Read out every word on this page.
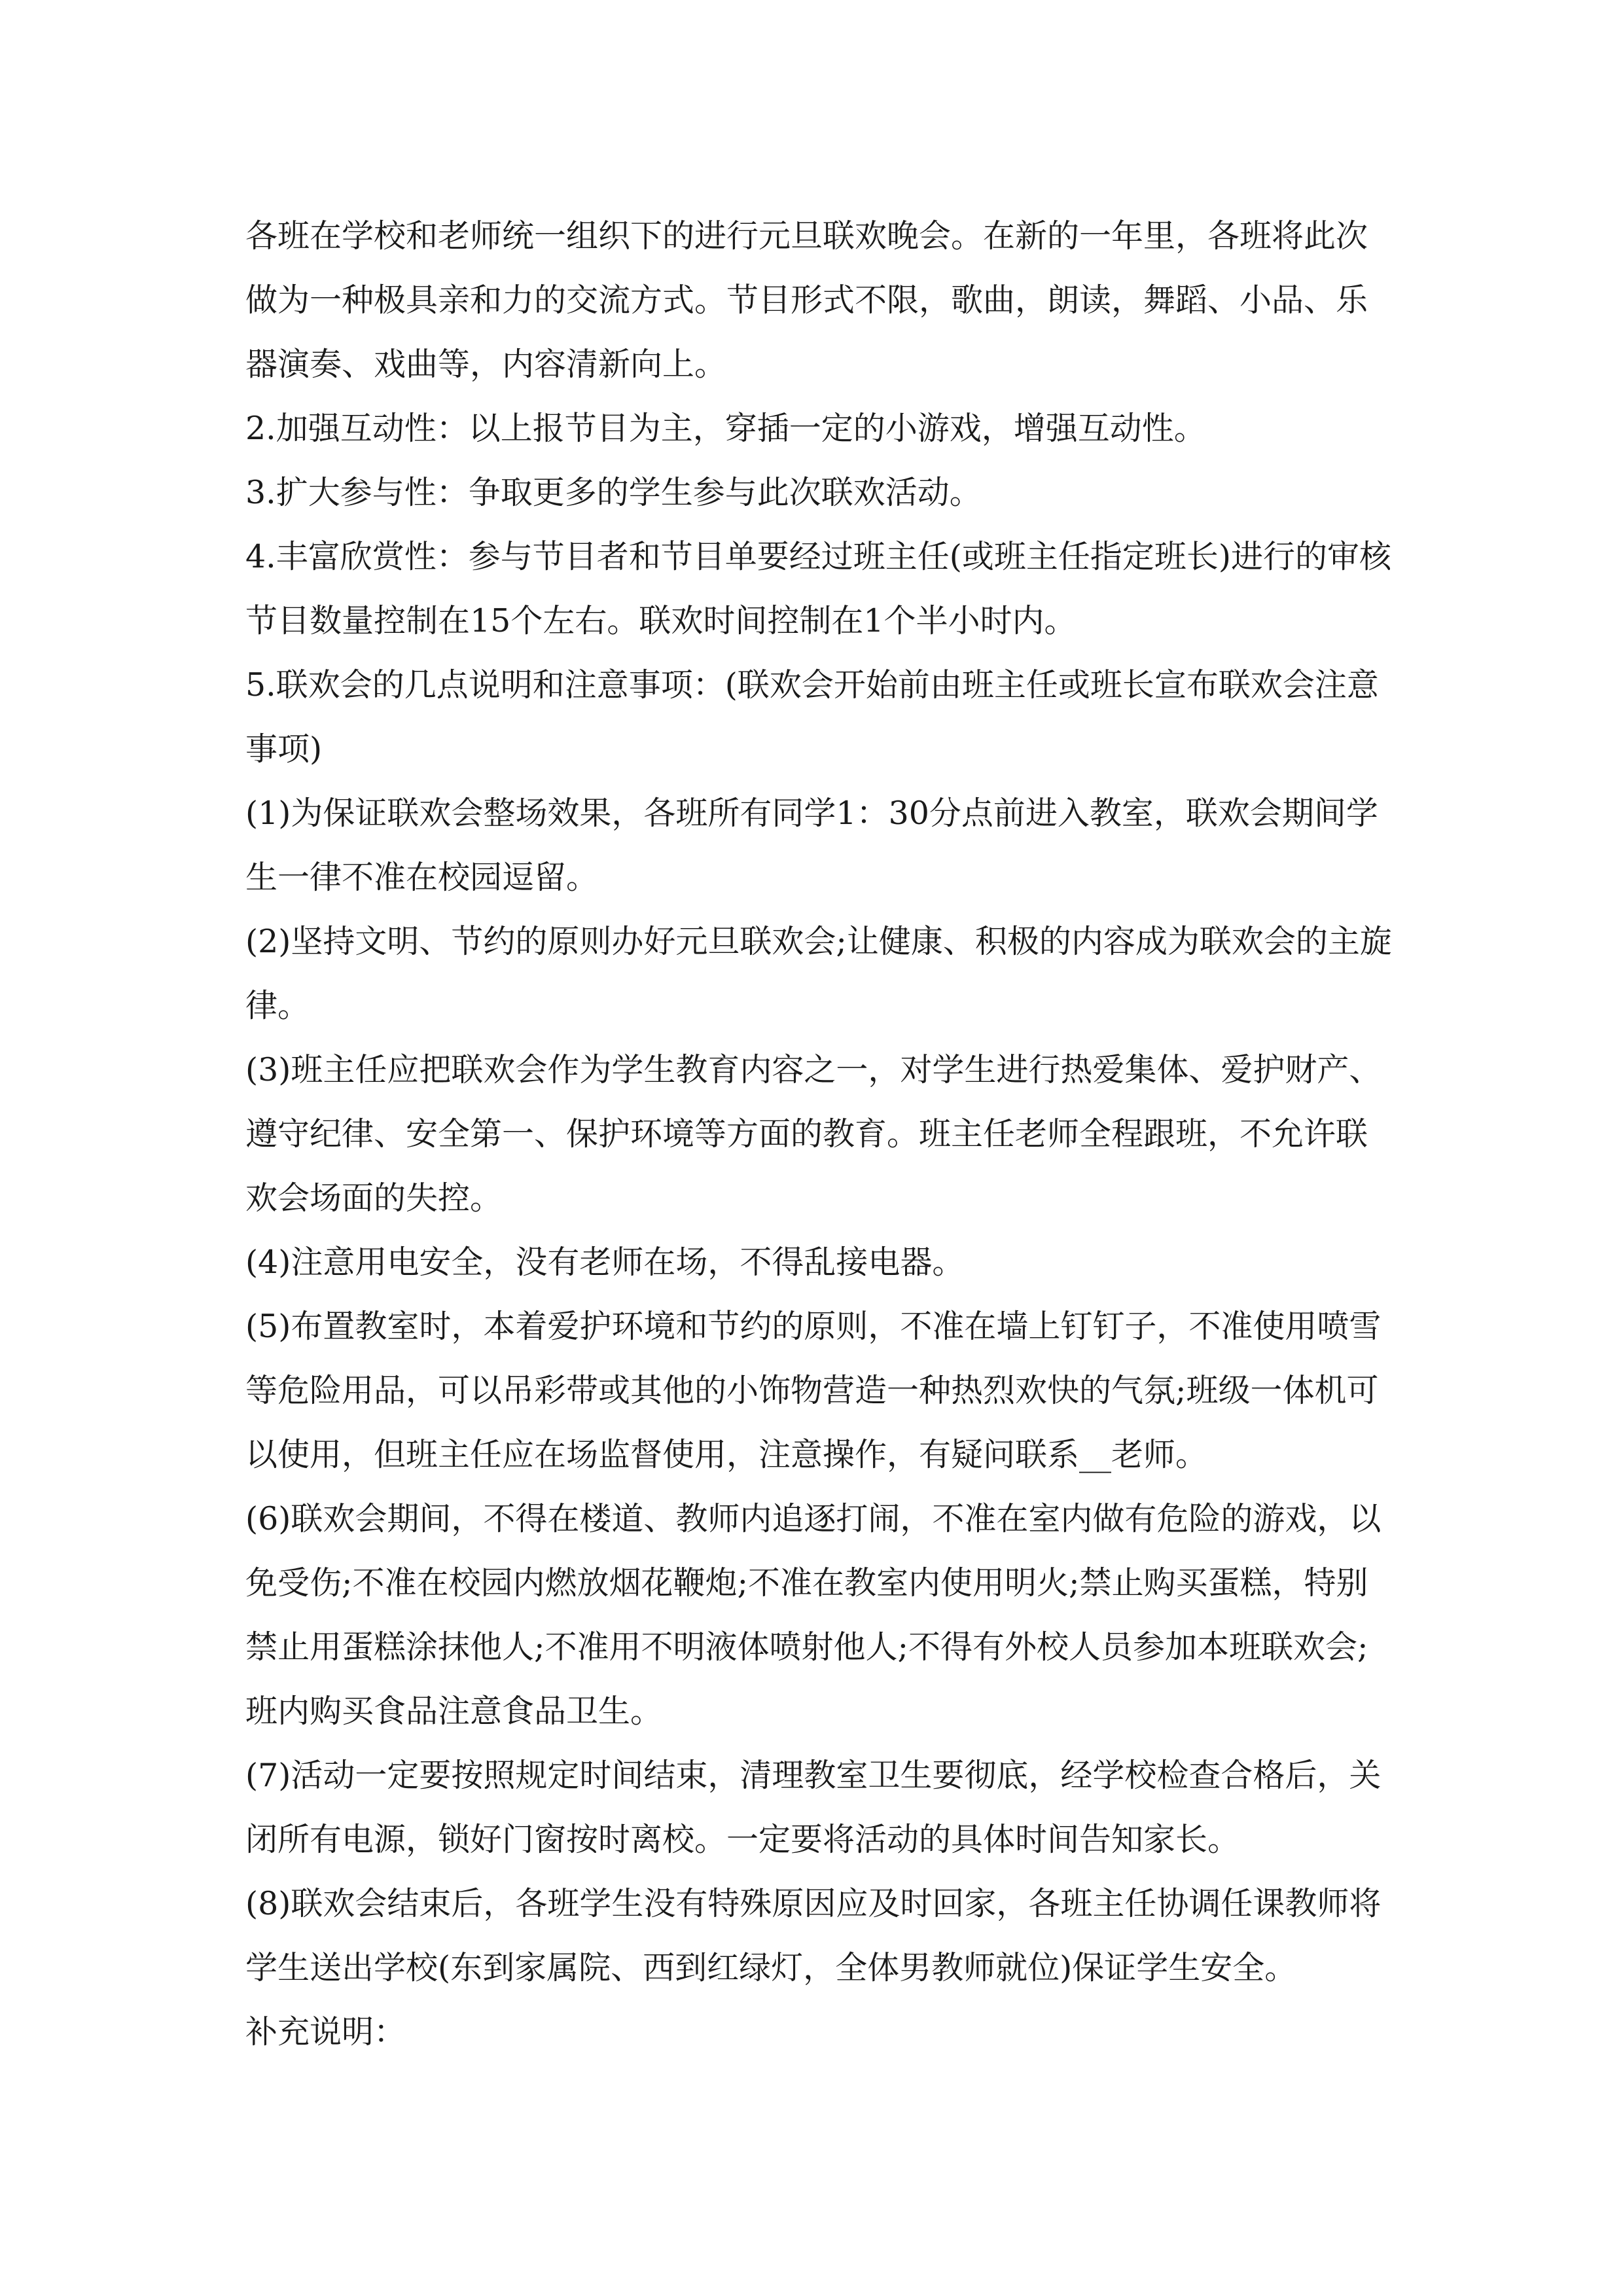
各班在学校和老师统一组织下的进行元旦联欢晚会。在新的一年里，各班将此次做为一种极具亲和力的交流方式。节目形式不限，歌曲，朗读，舞蹈、小品、乐器演奏、戏曲等，内容清新向上。

2.加强互动性：以上报节目为主，穿插一定的小游戏，增强互动性。

3.扩大参与性：争取更多的学生参与此次联欢活动。

4.丰富欣赏性：参与节目者和节目单要经过班主任(或班主任指定班长)进行的审核节目数量控制在15个左右。联欢时间控制在1个半小时内。

5.联欢会的几点说明和注意事项：(联欢会开始前由班主任或班长宣布联欢会注意事项)

(1)为保证联欢会整场效果，各班所有同学1：30分点前进入教室，联欢会期间学生一律不准在校园逗留。

(2)坚持文明、节约的原则办好元旦联欢会;让健康、积极的内容成为联欢会的主旋律。

(3)班主任应把联欢会作为学生教育内容之一，对学生进行热爱集体、爱护财产、遵守纪律、安全第一、保护环境等方面的教育。班主任老师全程跟班，不允许联欢会场面的失控。

(4)注意用电安全，没有老师在场，不得乱接电器。

(5)布置教室时，本着爱护环境和节约的原则，不准在墙上钉钉子，不准使用喷雪等危险用品，可以吊彩带或其他的小饰物营造一种热烈欢快的气氛;班级一体机可以使用，但班主任应在场监督使用，注意操作，有疑问联系__老师。

(6)联欢会期间，不得在楼道、教师内追逐打闹，不准在室内做有危险的游戏，以免受伤;不准在校园内燃放烟花鞭炮;不准在教室内使用明火;禁止购买蛋糕，特别禁止用蛋糕涂抹他人;不准用不明液体喷射他人;不得有外校人员参加本班联欢会;班内购买食品注意食品卫生。

(7)活动一定要按照规定时间结束，清理教室卫生要彻底，经学校检查合格后，关闭所有电源，锁好门窗按时离校。一定要将活动的具体时间告知家长。

(8)联欢会结束后，各班学生没有特殊原因应及时回家，各班主任协调任课教师将学生送出学校(东到家属院、西到红绿灯，全体男教师就位)保证学生安全。

补充说明：
